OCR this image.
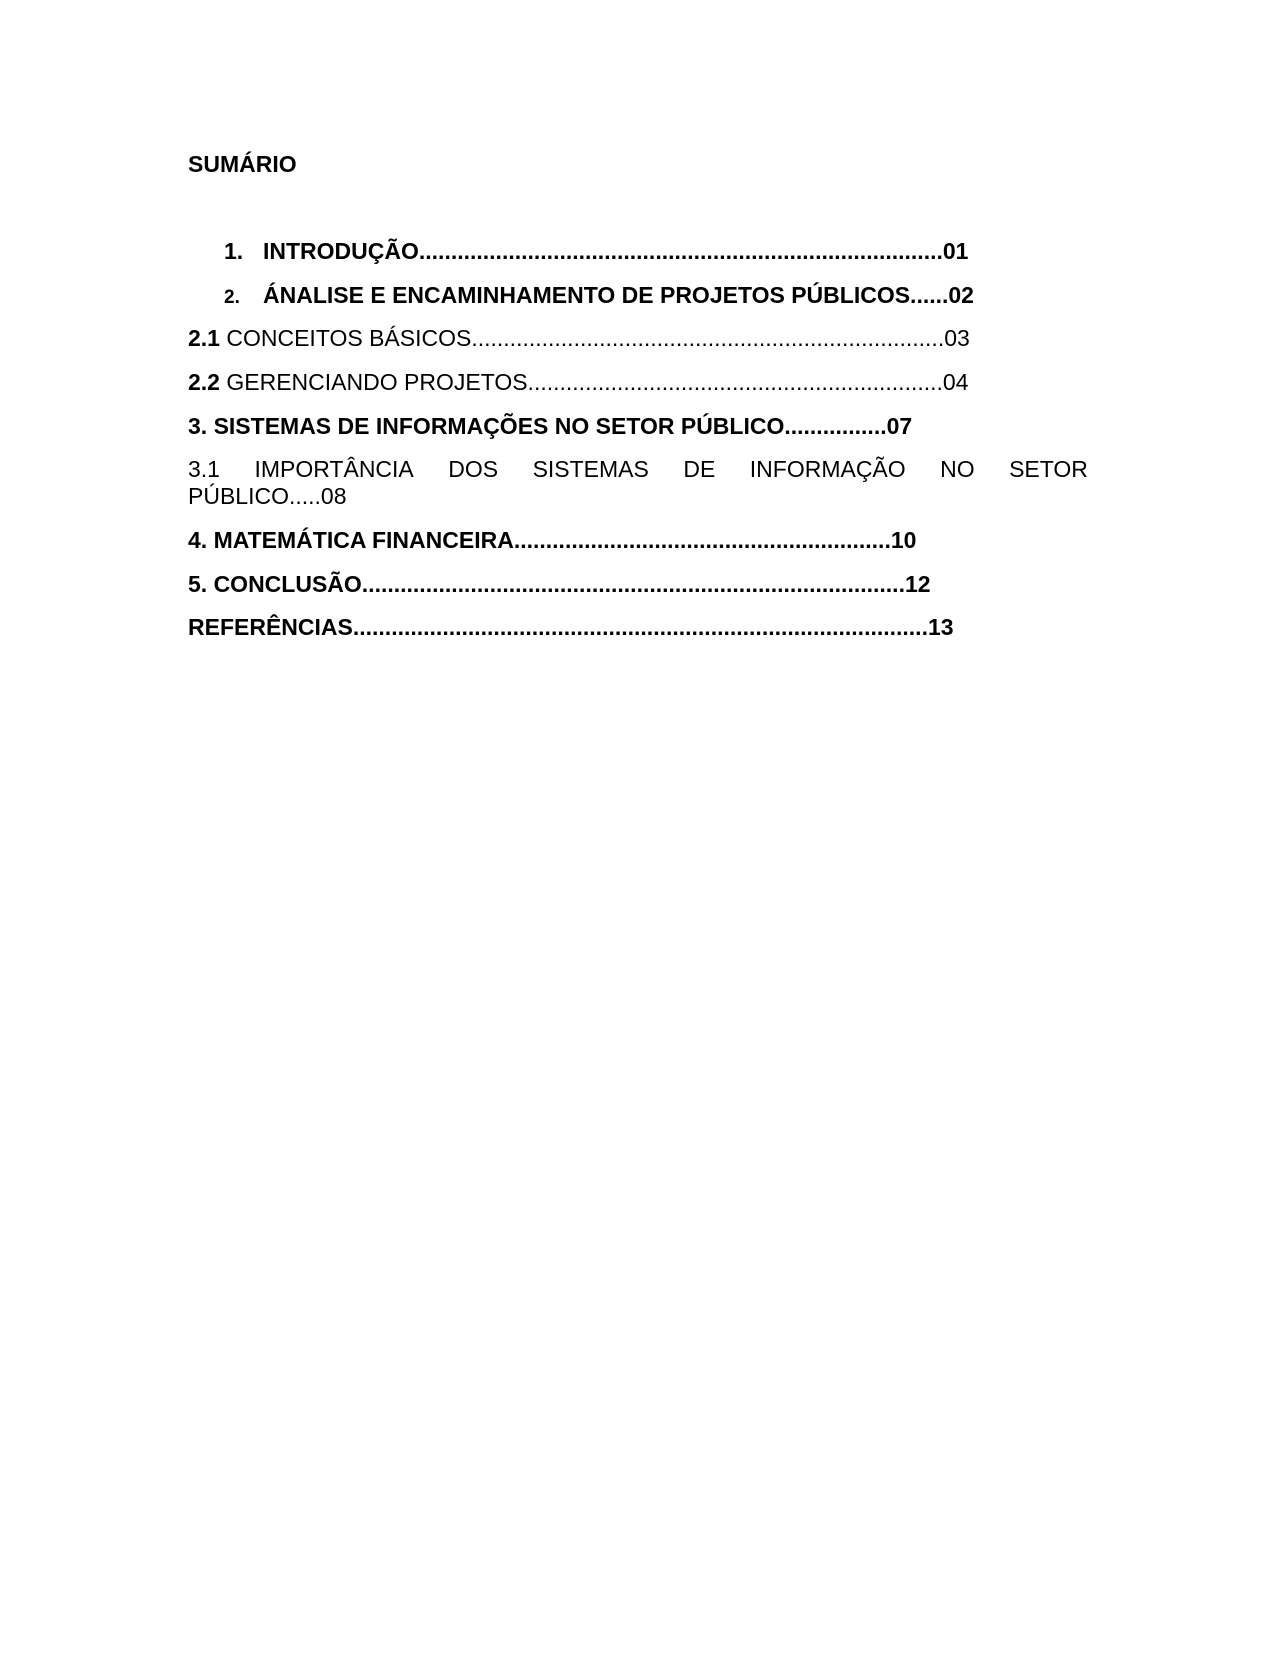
SUMÁRIO
1. INTRODUÇÃO..................................................................................01
2. ÁNALISE E ENCAMINHAMENTO DE PROJETOS PÚBLICOS......02
2.1 CONCEITOS BÁSICOS..........................................................................03
2.2 GERENCIANDO PROJETOS.................................................................04
3. SISTEMAS DE INFORMAÇÕES NO SETOR PÚBLICO................07
3.1 IMPORTÂNCIA DOS SISTEMAS DE INFORMAÇÃO NO SETOR
PÚBLICO.....08
4. MATEMÁTICA FINANCEIRA...........................................................10
5. CONCLUSÃO.....................................................................................12
REFERÊNCIAS..........................................................................................13
